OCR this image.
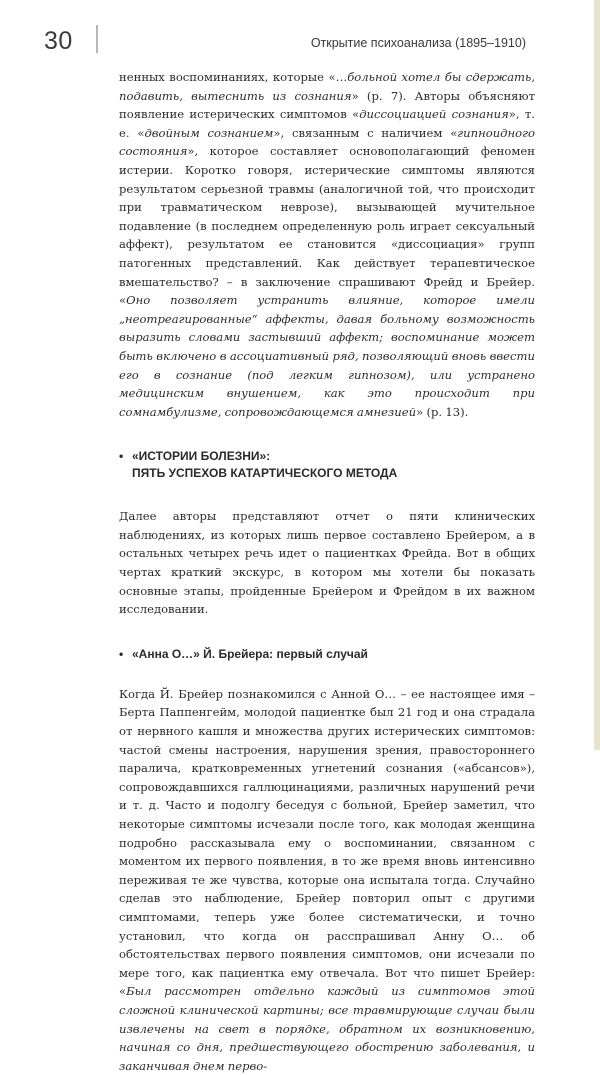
30	Открытие психоанализа (1895–1910)

ненных воспоминаниях, которые «…больной хотел бы сдержать, подавить, вытеснить из сознания» (р. 7). Авторы объясняют появление истерических симптомов «диссоциацией сознания», т. е. «двойным сознанием», связанным с наличием «гипноидного состояния», которое составляет основополагающий феномен истерии. Коротко говоря, истерические симптомы являются результатом серьезной травмы (аналогичной той, что происходит при травматическом неврозе), вызывающей мучительное подавление (в последнем определенную роль играет сексуальный аффект), результатом ее становится «диссоциация» групп патогенных представлений. Как действует терапевтическое вмешательство? – в заключение спрашивают Фрейд и Брейер. «Оно позволяет устранить влияние, которое имели „неотреагированные“ аффекты, давая больному возможность выразить словами застывший аффект; воспоминание может быть включено в ассоциативный ряд, позволяющий вновь ввести его в сознание (под легким гипнозом), или устранено медицинским внушением, как это происходит при сомнамбулизме, сопровождающемся амнезией» (р. 13).

• «ИСТОРИИ БОЛЕЗНИ»:
ПЯТЬ УСПЕХОВ КАТАРТИЧЕСКОГО МЕТОДА

Далее авторы представляют отчет о пяти клинических наблюдениях, из которых лишь первое составлено Брейером, а в остальных четырех речь идет о пациентках Фрейда. Вот в общих чертах краткий экскурс, в котором мы хотели бы показать основные этапы, пройденные Брейером и Фрейдом в их важном исследовании.

• «Анна О…» Й. Брейера: первый случай

Когда Й. Брейер познакомился с Анной О… – ее настоящее имя – Берта Паппенгейм, молодой пациентке был 21 год и она страдала от нервного кашля и множества других истерических симптомов: частой смены настроения, нарушения зрения, правостороннего паралича, кратковременных угнетений сознания («абсансов»), сопровождавшихся галлюцинациями, различных нарушений речи и т. д. Часто и подолгу беседуя с больной, Брейер заметил, что некоторые симптомы исчезали после того, как молодая женщина подробно рассказывала ему о воспоминании, связанном с моментом их первого появления, в то же время вновь интенсивно переживая те же чувства, которые она испытала тогда. Случайно сделав это наблюдение, Брейер повторил опыт с другими симптомами, теперь уже более систематически, и точно установил, что когда он расспрашивал Анну О… об обстоятельствах первого появления симптомов, они исчезали по мере того, как пациентка ему отвечала. Вот что пишет Брейер: «Был рассмотрен отдельно каждый из симптомов этой сложной клинической картины; все травмирующие случаи были извлечены на свет в порядке, обратном их возникновению, начиная со дня, предшествующего обострению заболевания, и заканчивая днем перво-
